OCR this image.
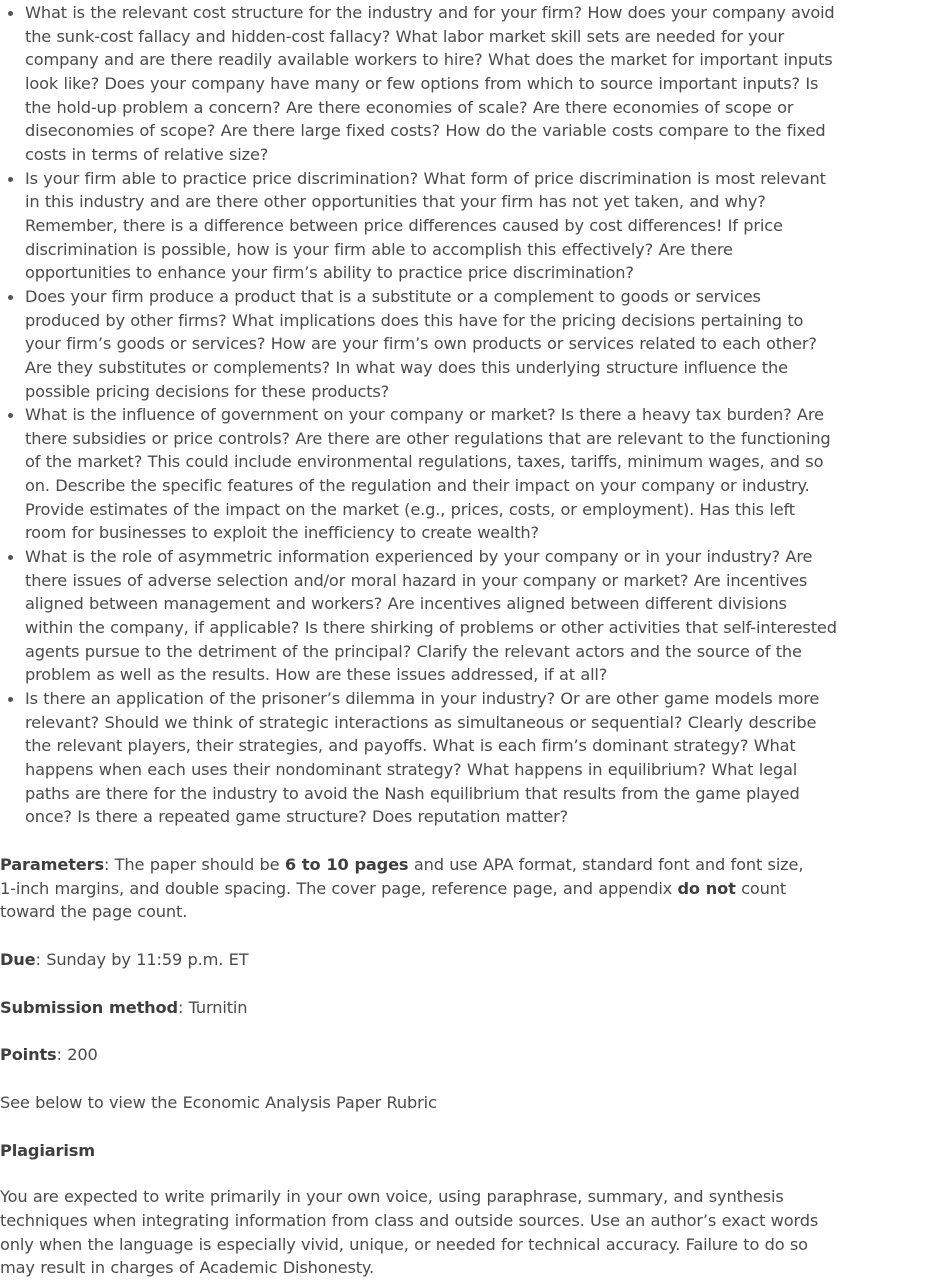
What is the relevant cost structure for the industry and for your firm? How does your company avoid the sunk-cost fallacy and hidden-cost fallacy? What labor market skill sets are needed for your company and are there readily available workers to hire? What does the market for important inputs look like? Does your company have many or few options from which to source important inputs? Is the hold-up problem a concern? Are there economies of scale? Are there economies of scope or diseconomies of scope? Are there large fixed costs? How do the variable costs compare to the fixed costs in terms of relative size?
Is your firm able to practice price discrimination? What form of price discrimination is most relevant in this industry and are there other opportunities that your firm has not yet taken, and why? Remember, there is a difference between price differences caused by cost differences! If price discrimination is possible, how is your firm able to accomplish this effectively? Are there opportunities to enhance your firm’s ability to practice price discrimination?
Does your firm produce a product that is a substitute or a complement to goods or services produced by other firms? What implications does this have for the pricing decisions pertaining to your firm’s goods or services? How are your firm’s own products or services related to each other? Are they substitutes or complements? In what way does this underlying structure influence the possible pricing decisions for these products?
What is the influence of government on your company or market? Is there a heavy tax burden? Are there subsidies or price controls? Are there are other regulations that are relevant to the functioning of the market? This could include environmental regulations, taxes, tariffs, minimum wages, and so on. Describe the specific features of the regulation and their impact on your company or industry. Provide estimates of the impact on the market (e.g., prices, costs, or employment). Has this left room for businesses to exploit the inefficiency to create wealth?
What is the role of asymmetric information experienced by your company or in your industry? Are there issues of adverse selection and/or moral hazard in your company or market? Are incentives aligned between management and workers? Are incentives aligned between different divisions within the company, if applicable? Is there shirking of problems or other activities that self-interested agents pursue to the detriment of the principal? Clarify the relevant actors and the source of the problem as well as the results. How are these issues addressed, if at all?
Is there an application of the prisoner’s dilemma in your industry? Or are other game models more relevant? Should we think of strategic interactions as simultaneous or sequential? Clearly describe the relevant players, their strategies, and payoffs. What is each firm’s dominant strategy? What happens when each uses their nondominant strategy? What happens in equilibrium? What legal paths are there for the industry to avoid the Nash equilibrium that results from the game played once? Is there a repeated game structure? Does reputation matter?

Parameters: The paper should be 6 to 10 pages and use APA format, standard font and font size, 1-inch margins, and double spacing. The cover page, reference page, and appendix do not count toward the page count.

Due: Sunday by 11:59 p.m. ET

Submission method: Turnitin

Points: 200

See below to view the Economic Analysis Paper Rubric

Plagiarism

You are expected to write primarily in your own voice, using paraphrase, summary, and synthesis techniques when integrating information from class and outside sources. Use an author’s exact words only when the language is especially vivid, unique, or needed for technical accuracy. Failure to do so may result in charges of Academic Dishonesty.
